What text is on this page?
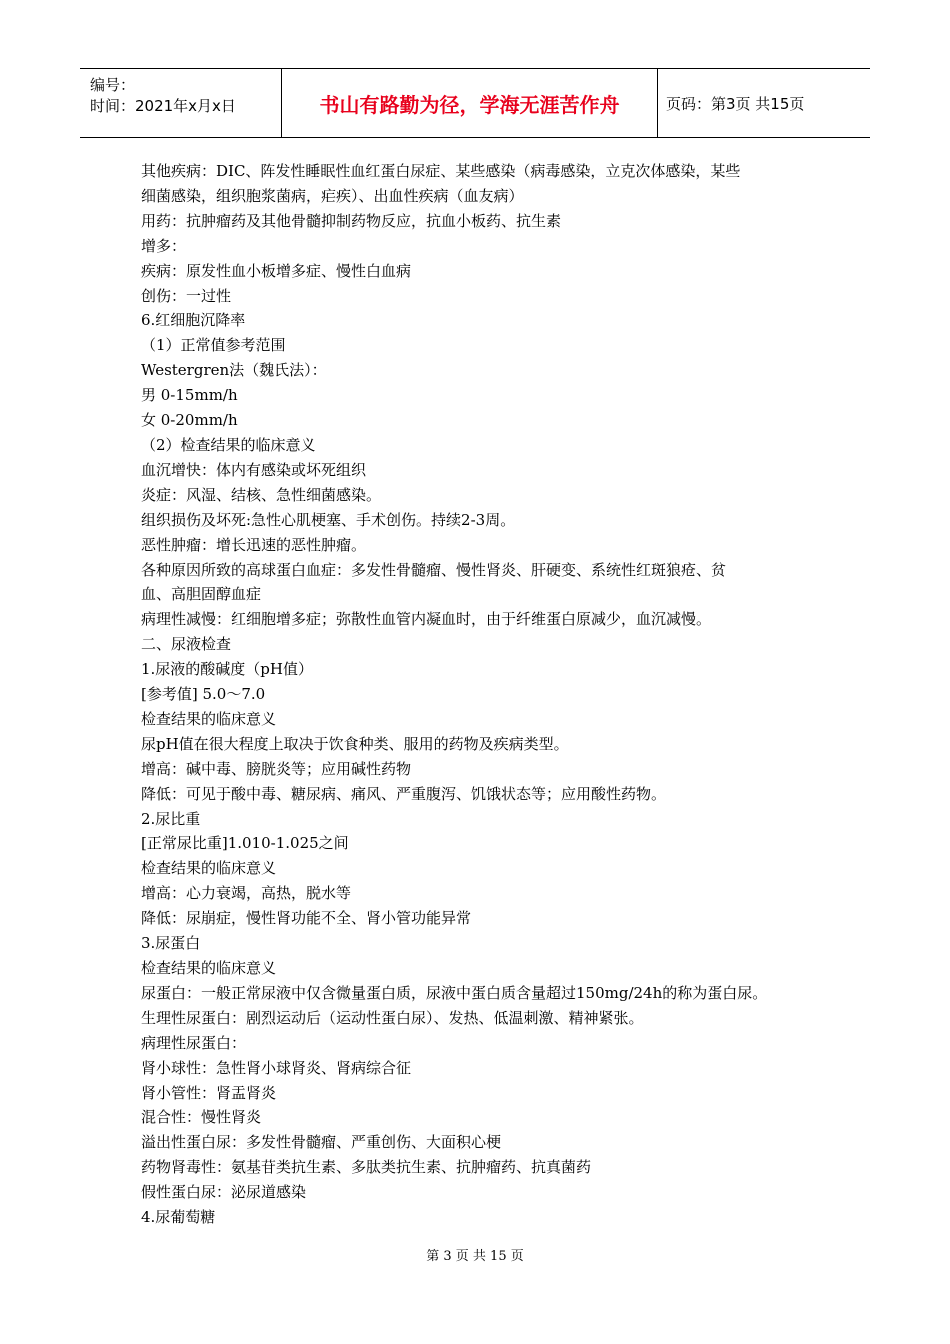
编号：
时间：2021年x月x日	书山有路勤为径，学海无涯苦作舟	页码：第3页 共15页
其他疾病：DIC、阵发性睡眠性血红蛋白尿症、某些感染（病毒感染，立克次体感染，某些
细菌感染，组织胞浆菌病，疟疾）、出血性疾病（血友病）
用药：抗肿瘤药及其他骨髓抑制药物反应，抗血小板药、抗生素
增多：
疾病：原发性血小板增多症、慢性白血病
创伤：一过性
6.红细胞沉降率
（1）正常值参考范围
Westergren法（魏氏法）：
男 0-15mm/h
女 0-20mm/h
（2）检查结果的临床意义
血沉增快：体内有感染或坏死组织
炎症：风湿、结核、急性细菌感染。
组织损伤及坏死:急性心肌梗塞、手术创伤。持续2-3周。
恶性肿瘤：增长迅速的恶性肿瘤。
各种原因所致的高球蛋白血症：多发性骨髓瘤、慢性肾炎、肝硬变、系统性红斑狼疮、贫
血、高胆固醇血症
病理性减慢：红细胞增多症；弥散性血管内凝血时，由于纤维蛋白原减少，血沉减慢。
二、尿液检查
1.尿液的酸碱度（pH值）
[参考值] 5.0～7.0
检查结果的临床意义
尿pH值在很大程度上取决于饮食种类、服用的药物及疾病类型。
增高：碱中毒、膀胱炎等；应用碱性药物
降低：可见于酸中毒、糖尿病、痛风、严重腹泻、饥饿状态等；应用酸性药物。
2.尿比重
[正常尿比重]1.010-1.025之间
检查结果的临床意义
增高：心力衰竭，高热，脱水等
降低：尿崩症，慢性肾功能不全、肾小管功能异常
3.尿蛋白
检查结果的临床意义
尿蛋白：一般正常尿液中仅含微量蛋白质，尿液中蛋白质含量超过150mg/24h的称为蛋白尿。
生理性尿蛋白：剧烈运动后（运动性蛋白尿）、发热、低温刺激、精神紧张。
病理性尿蛋白：
肾小球性：急性肾小球肾炎、肾病综合征
肾小管性：肾盂肾炎
混合性：慢性肾炎
溢出性蛋白尿：多发性骨髓瘤、严重创伤、大面积心梗
药物肾毒性：氨基苷类抗生素、多肽类抗生素、抗肿瘤药、抗真菌药
假性蛋白尿：泌尿道感染
4.尿葡萄糖
第 3 页 共 15 页
